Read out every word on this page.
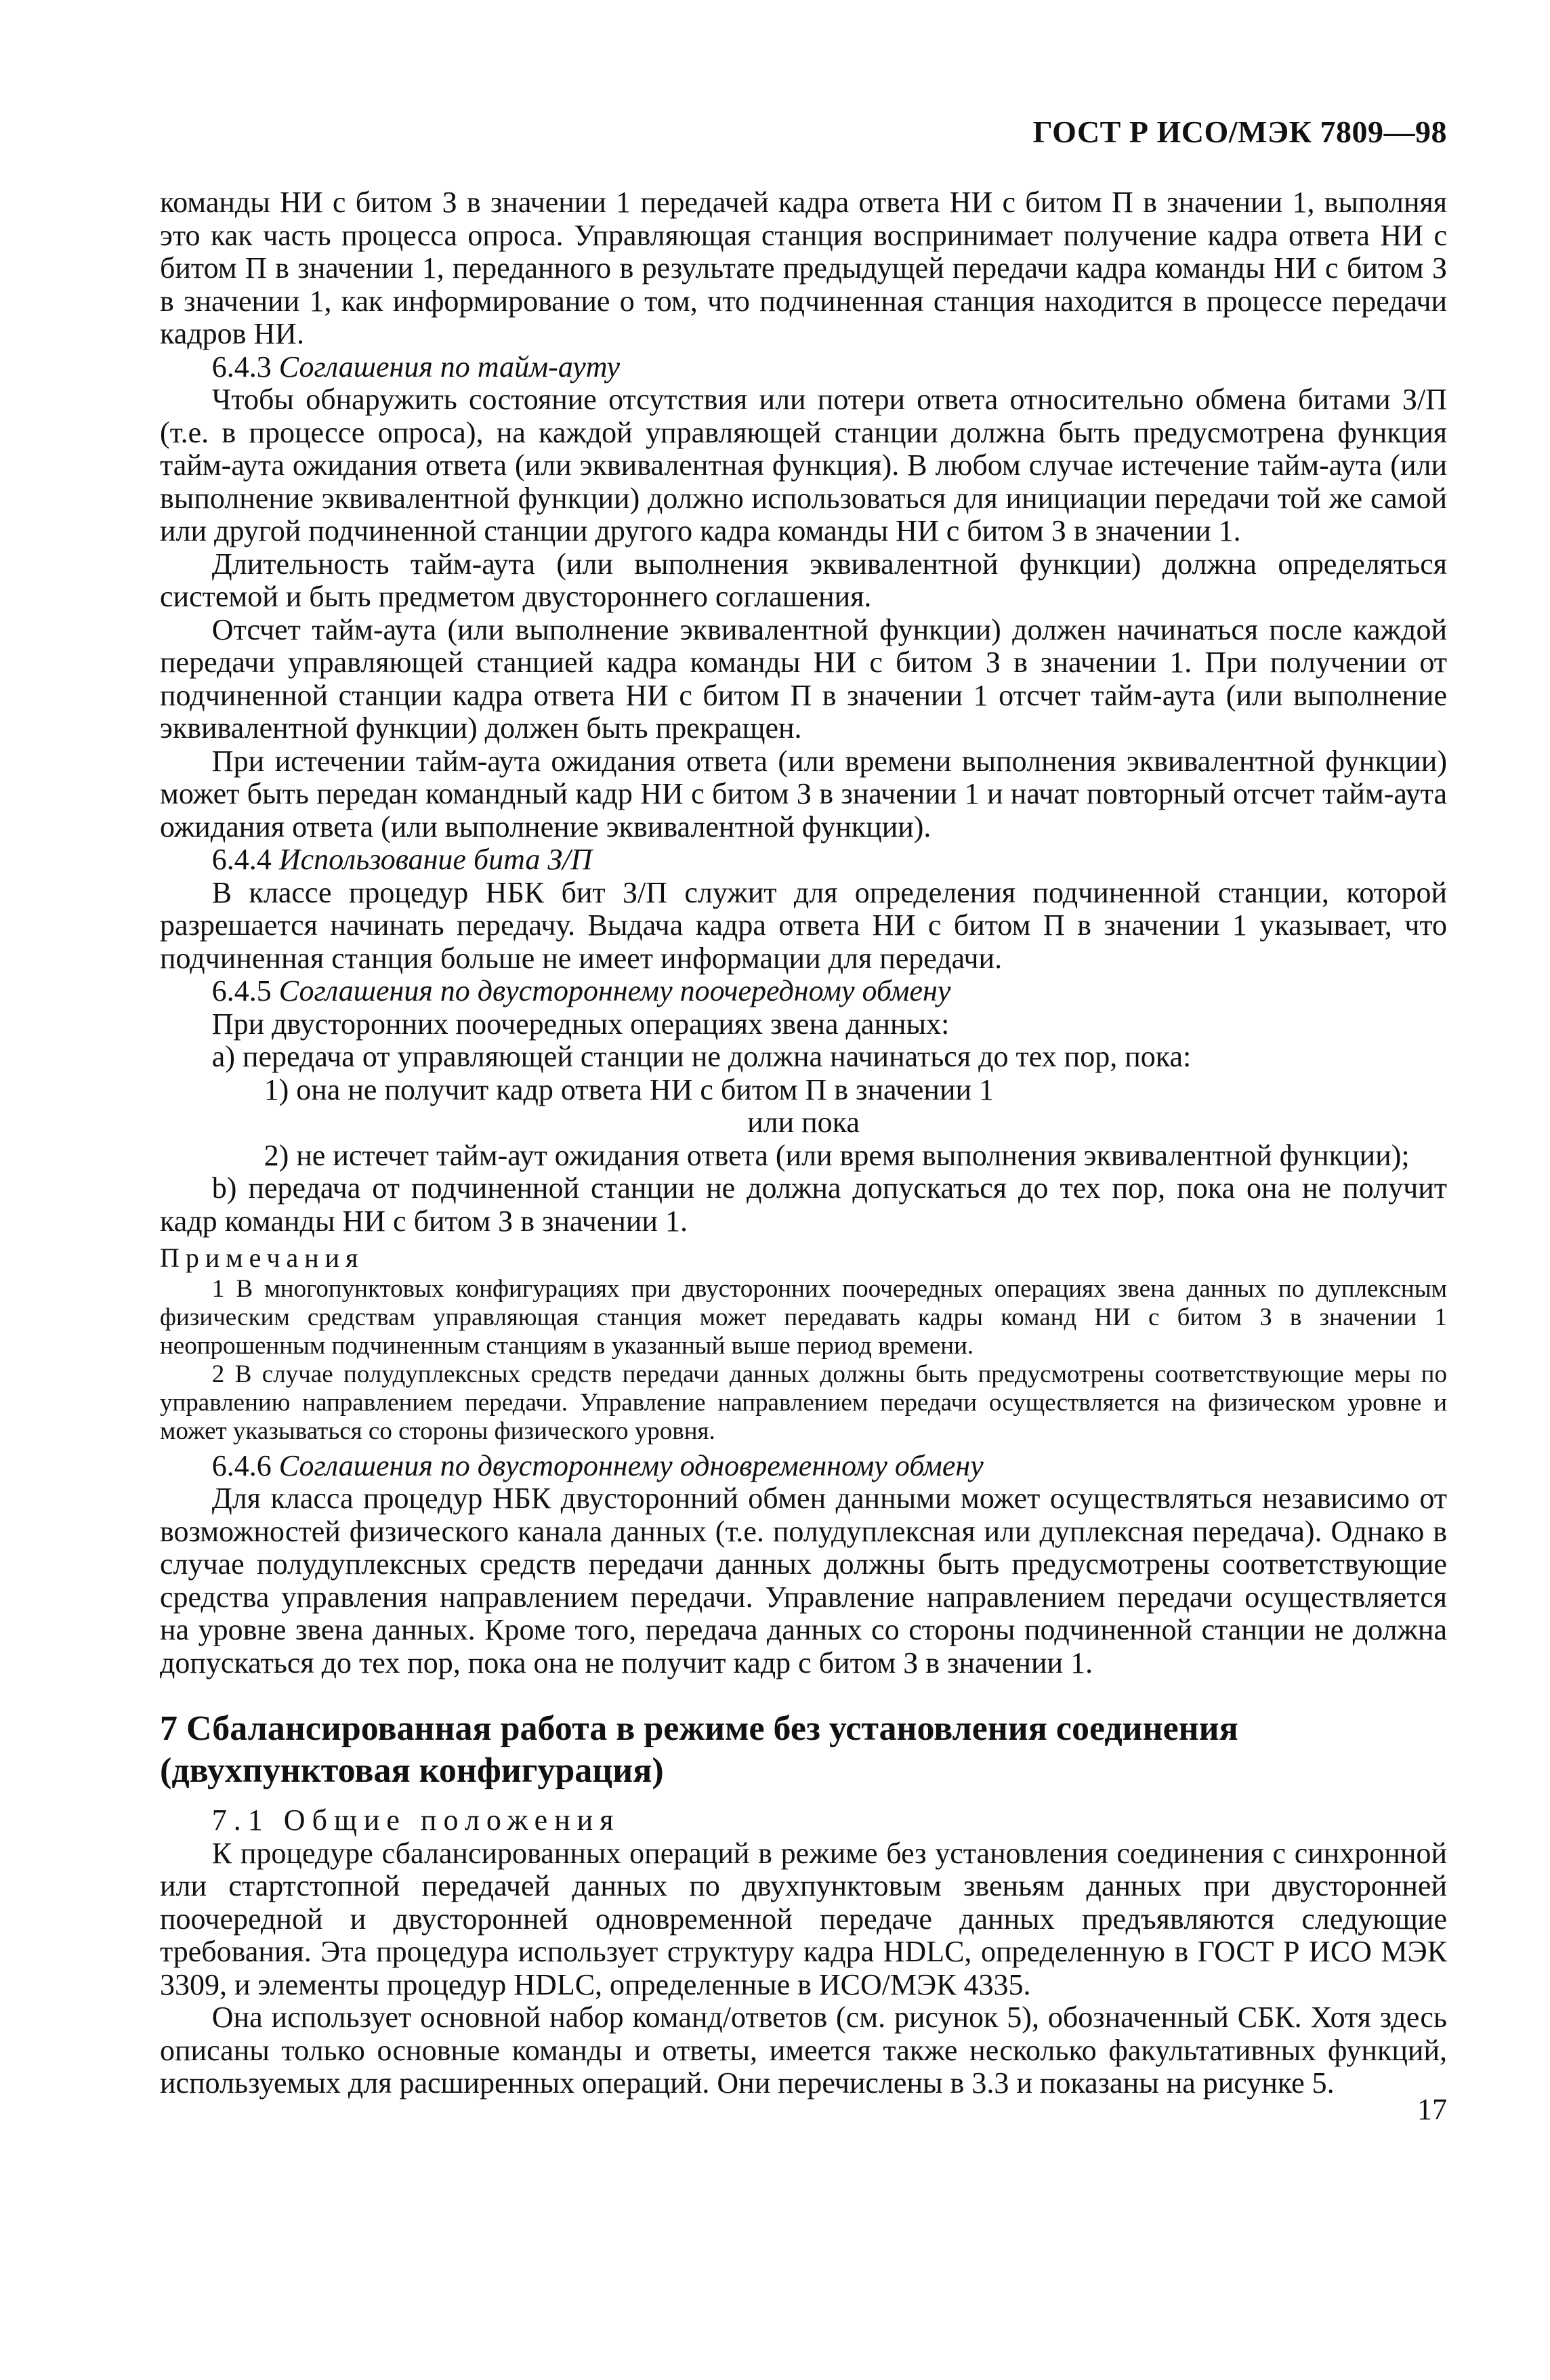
ГОСТ Р ИСО/МЭК 7809—98

команды НИ с битом З в значении 1 передачей кадра ответа НИ с битом П в значении 1, выполняя это как часть процесса опроса. Управляющая станция воспринимает получение кадра ответа НИ с битом П в значении 1, переданного в результате предыдущей передачи кадра команды НИ с битом З в значении 1, как информирование о том, что подчиненная станция находится в процессе передачи кадров НИ.

6.4.3 Соглашения по тайм-ауту

Чтобы обнаружить состояние отсутствия или потери ответа относительно обмена битами З/П (т.е. в процессе опроса), на каждой управляющей станции должна быть предусмотрена функция тайм-аута ожидания ответа (или эквивалентная функция). В любом случае истечение тайм-аута (или выполнение эквивалентной функции) должно использоваться для инициации передачи той же самой или другой подчиненной станции другого кадра команды НИ с битом З в значении 1.

Длительность тайм-аута (или выполнения эквивалентной функции) должна определяться системой и быть предметом двустороннего соглашения.

Отсчет тайм-аута (или выполнение эквивалентной функции) должен начинаться после каждой передачи управляющей станцией кадра команды НИ с битом З в значении 1. При получении от подчиненной станции кадра ответа НИ с битом П в значении 1 отсчет тайм-аута (или выполнение эквивалентной функции) должен быть прекращен.

При истечении тайм-аута ожидания ответа (или времени выполнения эквивалентной функции) может быть передан командный кадр НИ с битом З в значении 1 и начат повторный отсчет тайм-аута ожидания ответа (или выполнение эквивалентной функции).

6.4.4 Использование бита З/П

В классе процедур НБК бит З/П служит для определения подчиненной станции, которой разрешается начинать передачу. Выдача кадра ответа НИ с битом П в значении 1 указывает, что подчиненная станция больше не имеет информации для передачи.

6.4.5 Соглашения по двустороннему поочередному обмену

При двусторонних поочередных операциях звена данных:

а) передача от управляющей станции не должна начинаться до тех пор, пока:

1) она не получит кадр ответа НИ с битом П в значении 1

или пока

2) не истечет тайм-аут ожидания ответа (или время выполнения эквивалентной функции);

b) передача от подчиненной станции не должна допускаться до тех пор, пока она не получит кадр команды НИ с битом З в значении 1.

Примечания

1 В многопунктовых конфигурациях при двусторонних поочередных операциях звена данных по дуплексным физическим средствам управляющая станция может передавать кадры команд НИ с битом З в значении 1 неопрошенным подчиненным станциям в указанный выше период времени.

2 В случае полудуплексных средств передачи данных должны быть предусмотрены соответствующие меры по управлению направлением передачи. Управление направлением передачи осуществляется на физическом уровне и может указываться со стороны физического уровня.

6.4.6 Соглашения по двустороннему одновременному обмену

Для класса процедур НБК двусторонний обмен данными может осуществляться независимо от возможностей физического канала данных (т.е. полудуплексная или дуплексная передача). Однако в случае полудуплексных средств передачи данных должны быть предусмотрены соответствующие средства управления направлением передачи. Управление направлением передачи осуществляется на уровне звена данных. Кроме того, передача данных со стороны подчиненной станции не должна допускаться до тех пор, пока она не получит кадр с битом З в значении 1.

7 Сбалансированная работа в режиме без установления соединения (двухпунктовая конфигурация)

7.1 Общие положения

К процедуре сбалансированных операций в режиме без установления соединения с синхронной или стартстопной передачей данных по двухпунктовым звеньям данных при двусторонней поочередной и двусторонней одновременной передаче данных предъявляются следующие требования. Эта процедура использует структуру кадра HDLC, определенную в ГОСТ Р ИСО МЭК 3309, и элементы процедур HDLC, определенные в ИСО/МЭК 4335.

Она использует основной набор команд/ответов (см. рисунок 5), обозначенный СБК. Хотя здесь описаны только основные команды и ответы, имеется также несколько факультативных функций, используемых для расширенных операций. Они перечислены в 3.3 и показаны на рисунке 5.

17
